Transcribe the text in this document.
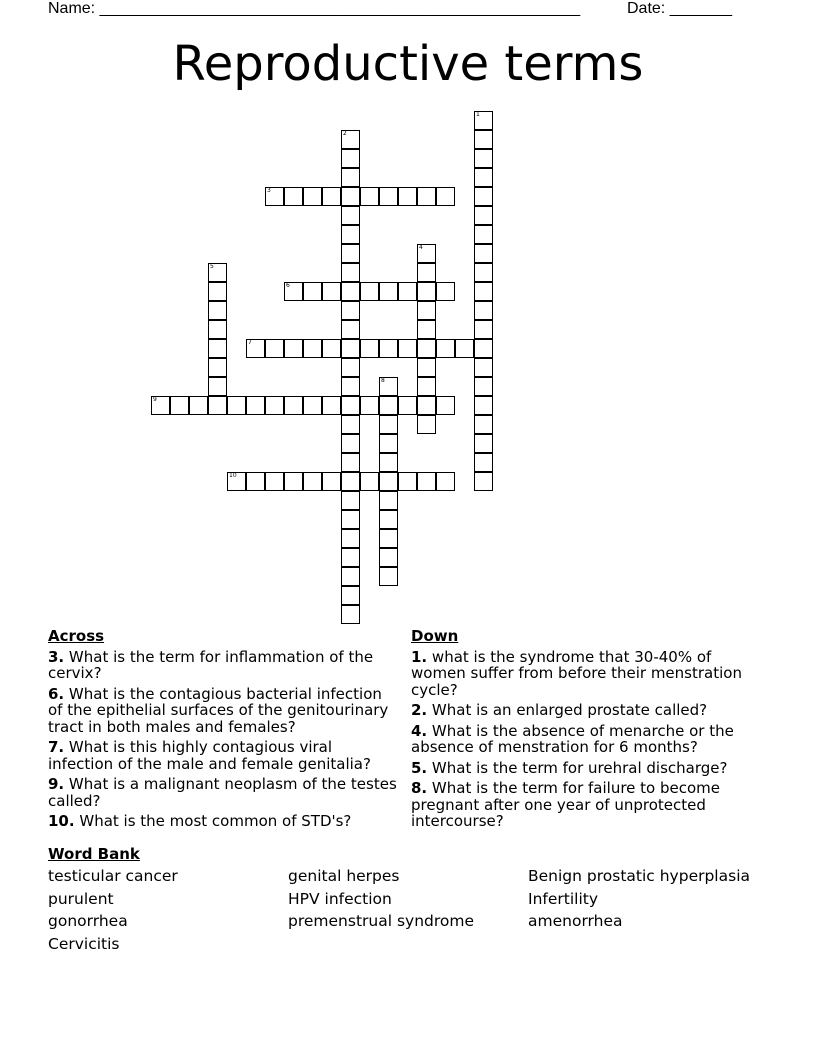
Name: ______________________________________________________	Date: _______
Reproductive terms
1
2
3
4
5
6
7
8
9
10
Across
3. What is the term for inflammation of the cervix?
6. What is the contagious bacterial infection of the epithelial surfaces of the genitourinary tract in both males and females?
7. What is this highly contagious viral infection of the male and female genitalia?
9. What is a malignant neoplasm of the testes called?
10. What is the most common of STD's?
Down
1. what is the syndrome that 30-40% of women suffer from before their menstration cycle?
2. What is an enlarged prostate called?
4. What is the absence of menarche or the absence of menstration for 6 months?
5. What is the term for urehral discharge?
8. What is the term for failure to become pregnant after one year of unprotected intercourse?
Word Bank
testicular cancer	genital herpes	Benign prostatic hyperplasia
purulent	HPV infection	Infertility
gonorrhea	premenstrual syndrome	amenorrhea
Cervicitis
